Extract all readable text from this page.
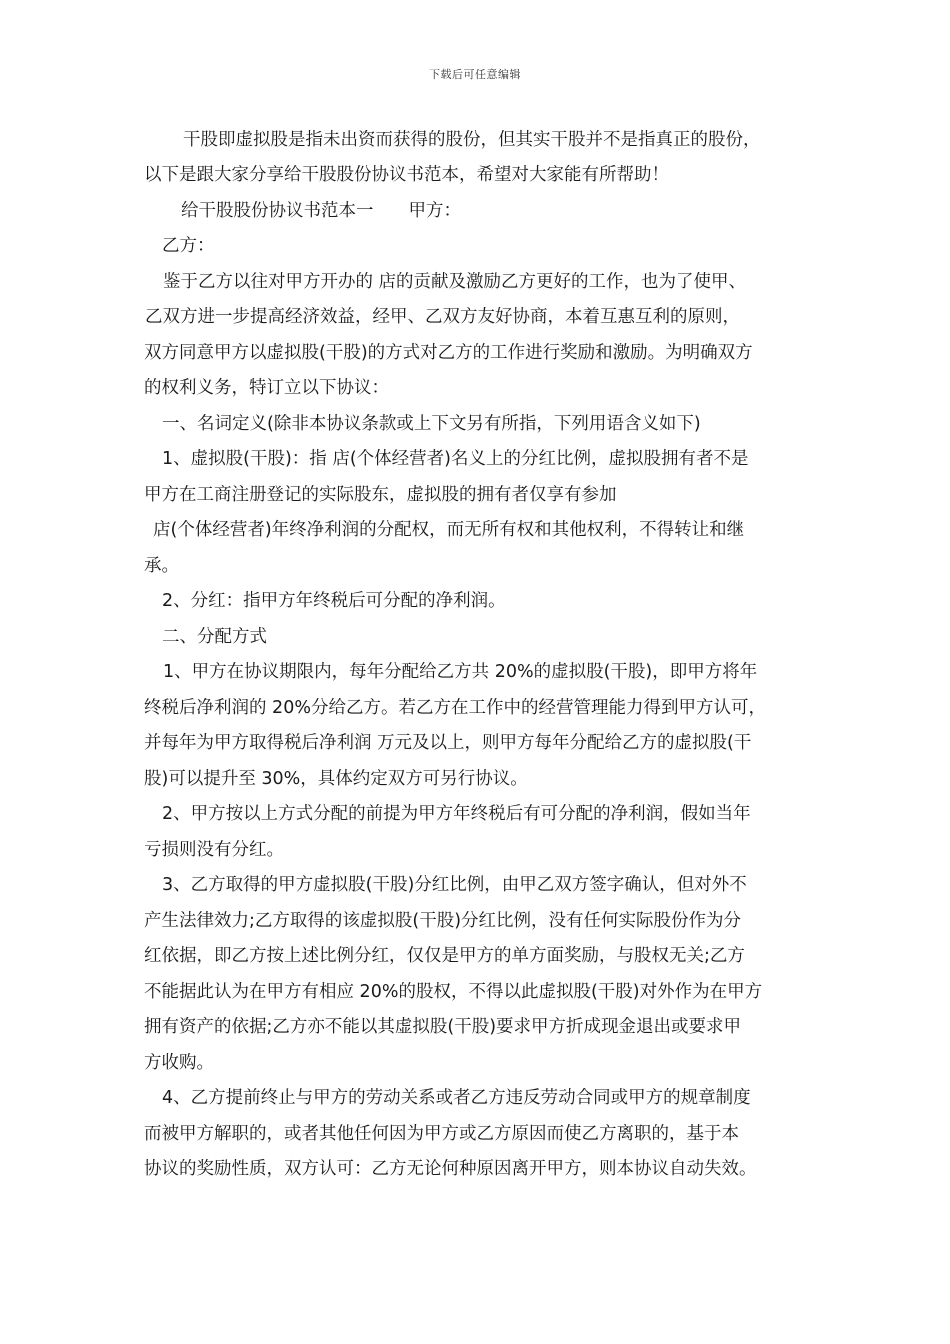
下载后可任意编辑
干股即虚拟股是指未出资而获得的股份，但其实干股并不是指真正的股份，
以下是跟大家分享给干股股份协议书范本，希望对大家能有所帮助！
给干股股份协议书范本一　　甲方：
乙方：
鉴于乙方以往对甲方开办的 店的贡献及激励乙方更好的工作，也为了使甲、
乙双方进一步提高经济效益，经甲、乙双方友好协商，本着互惠互利的原则，
双方同意甲方以虚拟股(干股)的方式对乙方的工作进行奖励和激励。为明确双方
的权利义务，特订立以下协议：
一、名词定义(除非本协议条款或上下文另有所指，下列用语含义如下)
1、虚拟股(干股)：指 店(个体经营者)名义上的分红比例，虚拟股拥有者不是
甲方在工商注册登记的实际股东，虚拟股的拥有者仅享有参加
店(个体经营者)年终净利润的分配权，而无所有权和其他权利，不得转让和继
承。
2、分红：指甲方年终税后可分配的净利润。
二、分配方式
1、甲方在协议期限内，每年分配给乙方共 20%的虚拟股(干股)，即甲方将年
终税后净利润的 20%分给乙方。若乙方在工作中的经营管理能力得到甲方认可，
并每年为甲方取得税后净利润 万元及以上，则甲方每年分配给乙方的虚拟股(干
股)可以提升至 30%，具体约定双方可另行协议。
2、甲方按以上方式分配的前提为甲方年终税后有可分配的净利润，假如当年
亏损则没有分红。
3、乙方取得的甲方虚拟股(干股)分红比例，由甲乙双方签字确认，但对外不
产生法律效力;乙方取得的该虚拟股(干股)分红比例，没有任何实际股份作为分
红依据，即乙方按上述比例分红，仅仅是甲方的单方面奖励，与股权无关;乙方
不能据此认为在甲方有相应 20%的股权，不得以此虚拟股(干股)对外作为在甲方
拥有资产的依据;乙方亦不能以其虚拟股(干股)要求甲方折成现金退出或要求甲
方收购。
4、乙方提前终止与甲方的劳动关系或者乙方违反劳动合同或甲方的规章制度
而被甲方解职的，或者其他任何因为甲方或乙方原因而使乙方离职的，基于本
协议的奖励性质，双方认可：乙方无论何种原因离开甲方，则本协议自动失效。
